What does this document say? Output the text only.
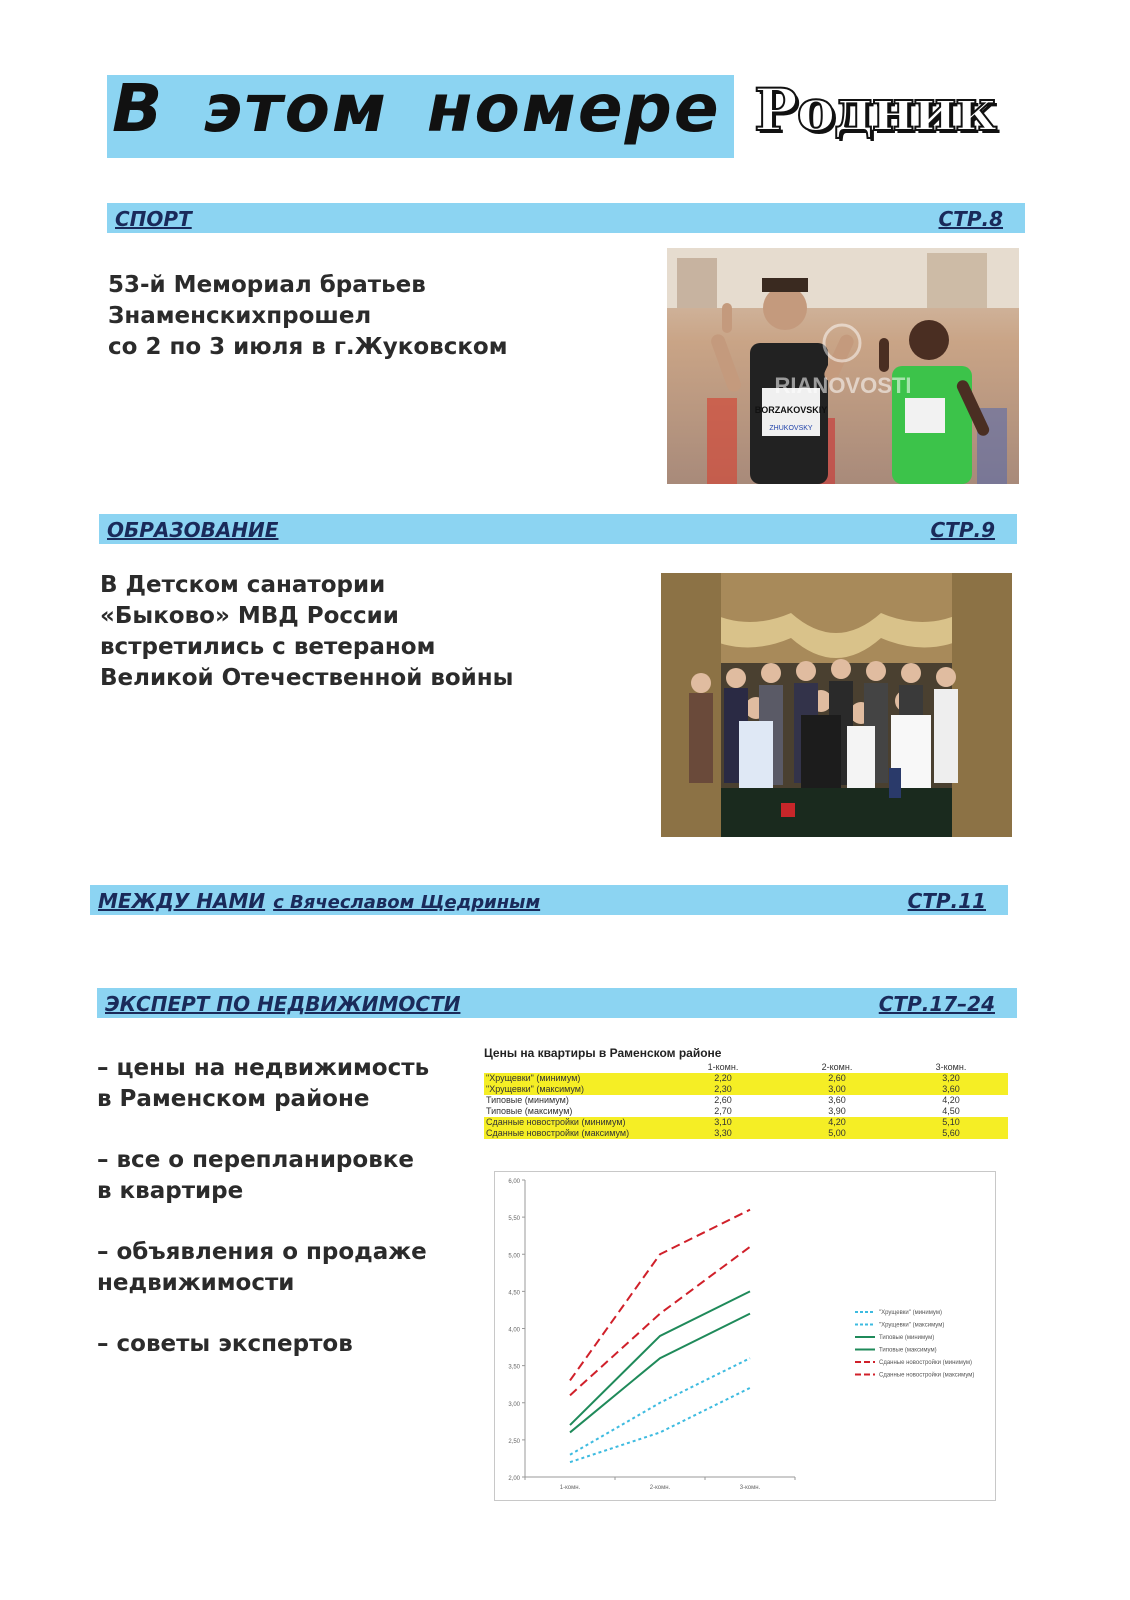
В этом номере Родник
СПОРТ	СТР.8
53-й Мемориал братьев
Знаменскихпрошел
со 2 по 3 июля в г.Жуковском
BORZAKOVSKIY
ZHUKOVSKY
RIANOVOSTI
ОБРАЗОВАНИЕ	СТР.9
В Детском санатории
«Быково» МВД России
встретились с ветераном
Великой Отечественной войны
МЕЖДУ НАМИ с Вячеславом Щедриным	СТР.11
ЭКСПЕРТ ПО НЕДВИЖИМОСТИ	СТР.17–24
– цены на недвижимость
в Раменском районе
– все о перепланировке
в квартире
– объявления о продаже
недвижимости
– советы экспертов
Цены на квартиры в Раменском районе
	1-комн.	2-комн.	3-комн.
"Хрущевки" (минимум)	2,20	2,60	3,20
"Хрущевки" (максимум)	2,30	3,00	3,60
Типовые (минимум)	2,60	3,60	4,20
Типовые (максимум)	2,70	3,90	4,50
Сданные новостройки (минимум)	3,10	4,20	5,10
Сданные новостройки (максимум)	3,30	5,00	5,60
2,00
2,50
3,00
3,50
4,00
4,50
5,00
5,50
6,00
1-комн.	2-комн.	3-комн.
"Хрущевки" (минимум)
"Хрущевки" (максимум)
Типовые (минимум)
Типовые (максимум)
Сданные новостройки (минимум)
Сданные новостройки (максимум)
